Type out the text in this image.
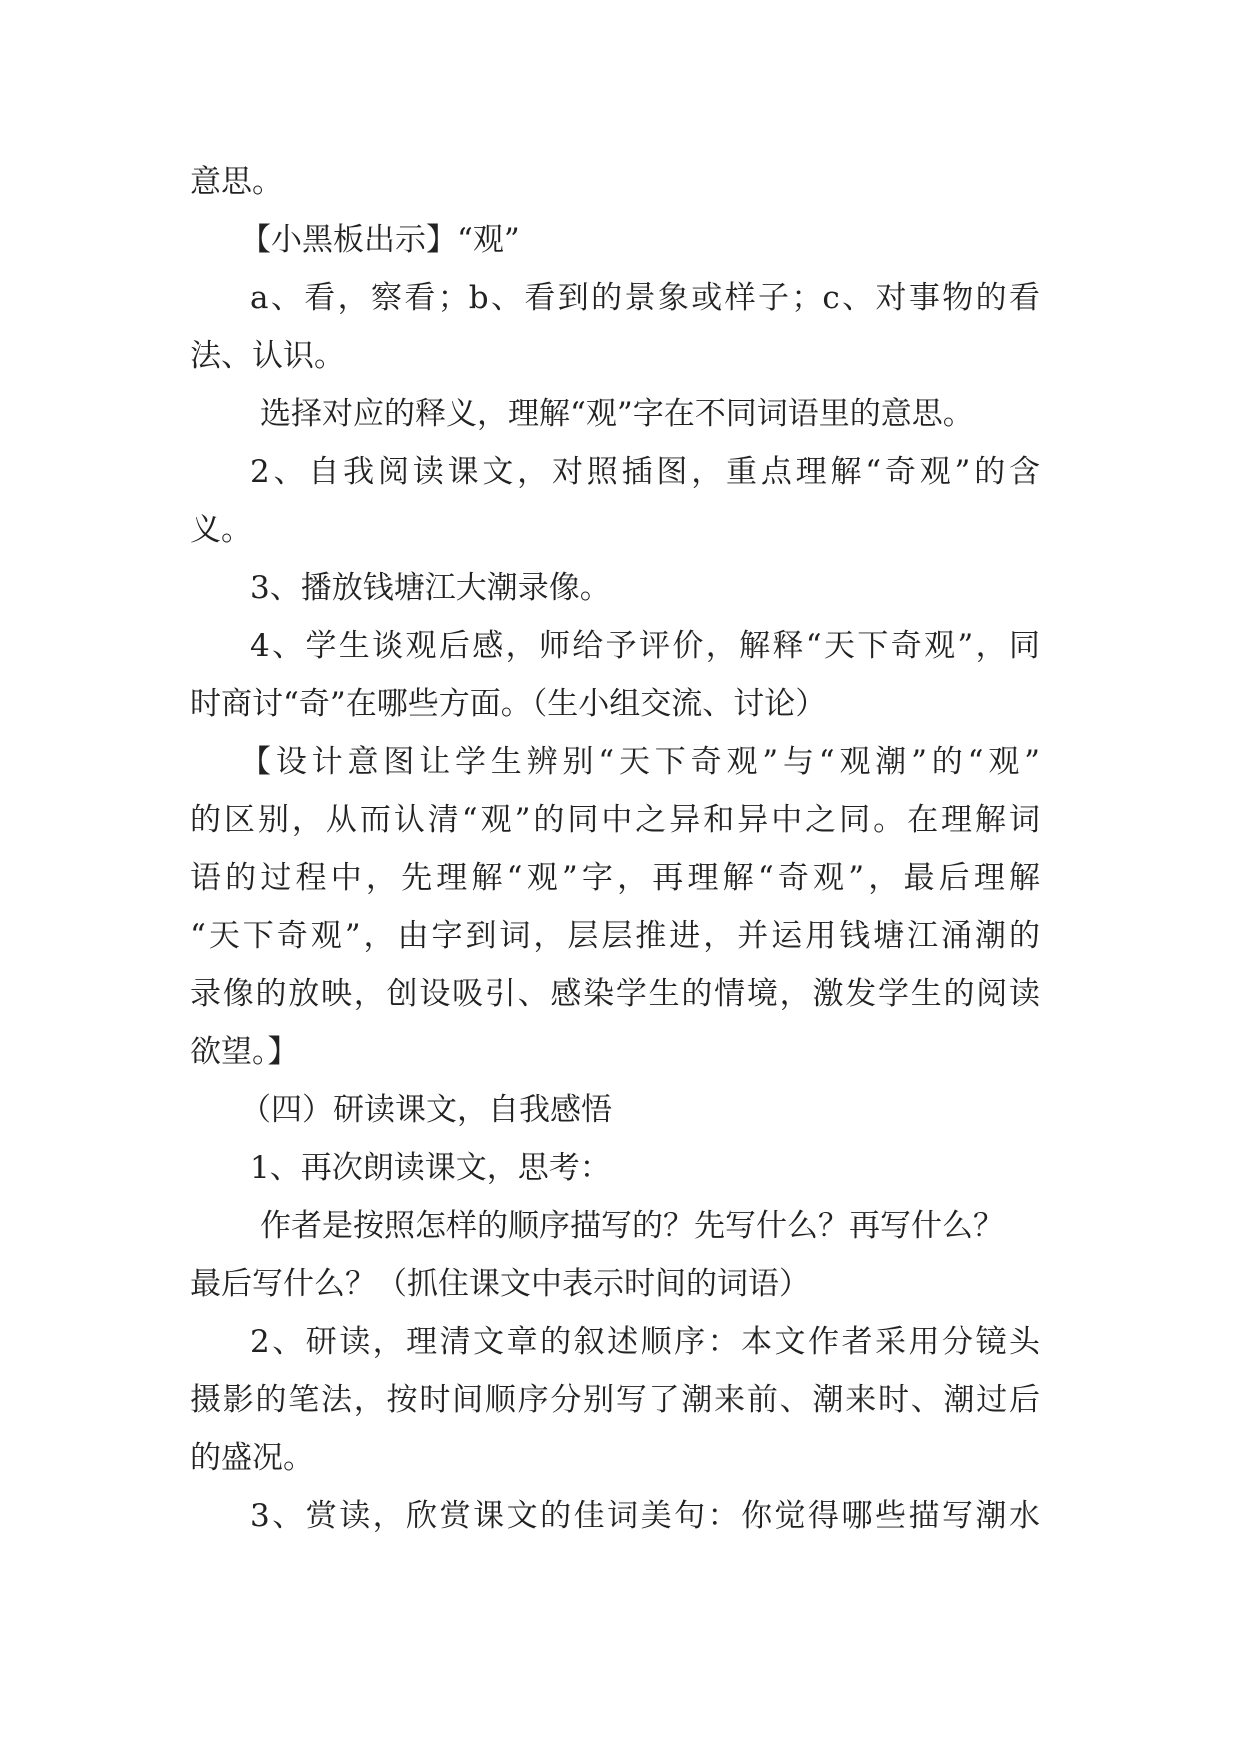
意思。
【小黑板出示】“观”
a、看，察看；b、看到的景象或样子；c、对事物的看
法、认识。
选择对应的释义，理解“观”字在不同词语里的意思。
2、自我阅读课文，对照插图，重点理解“奇观”的含
义。
3、播放钱塘江大潮录像。
4、学生谈观后感，师给予评价，解释“天下奇观”，同
时商讨“奇”在哪些方面。（生小组交流、讨论）
【设计意图让学生辨别“天下奇观”与“观潮”的“观”
的区别，从而认清“观”的同中之异和异中之同。在理解词
语的过程中，先理解“观”字，再理解“奇观”，最后理解
“天下奇观”，由字到词，层层推进，并运用钱塘江涌潮的
录像的放映，创设吸引、感染学生的情境，激发学生的阅读
欲望。】
（四）研读课文，自我感悟
1、再次朗读课文，思考：
作者是按照怎样的顺序描写的？先写什么？再写什么？
最后写什么？（抓住课文中表示时间的词语）
2、研读，理清文章的叙述顺序：本文作者采用分镜头
摄影的笔法，按时间顺序分别写了潮来前、潮来时、潮过后
的盛况。
3、赏读，欣赏课文的佳词美句：你觉得哪些描写潮水
